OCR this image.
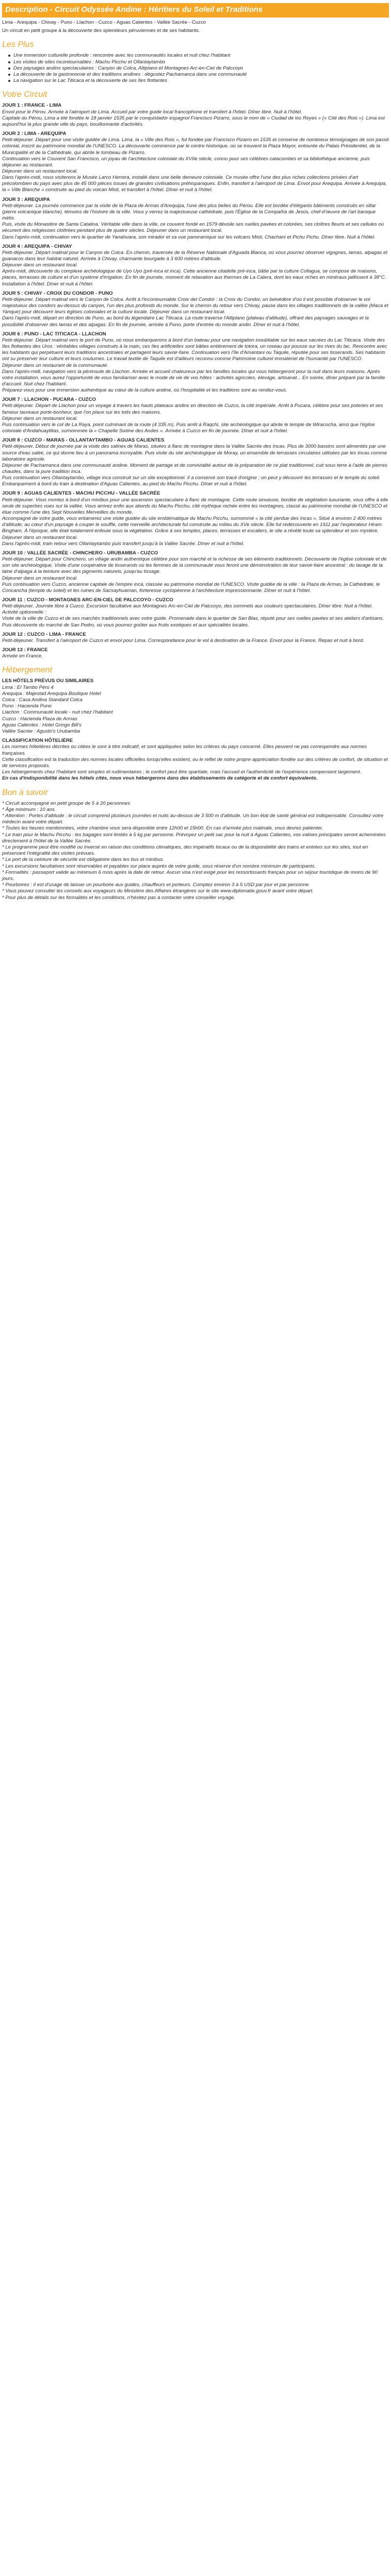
Description - Circuit Odyssée Andine : Héritiers du Soleil et Traditions

Lima - Arequipa - Chivay - Puno - Llachon - Cuzco - Aguas Calientes - Vallée Sacrée - Cuzco

Un circuit en petit groupe à la découverte des splendeurs péruviennes et de ses habitants.

Les Plus
Une immersion culturelle profonde : rencontre avec les communautés locales et nuit chez l'habitant
Les visites de sites incontournables : Machu Picchu et Ollantaytambo
Des paysages andins spectaculaires : Canyon de Colca, Altiplano et Montagnes Arc-en-Ciel de Palccoyo
La découverte de la gastronomie et des traditions andines : dégustez Pachamanca dans une communauté
La navigation sur le Lac Titicaca et la découverte de ses îles flottantes
Votre Circuit

JOUR 1 : FRANCE - LIMA

Envol pour le Pérou. Arrivée à l'aéroport de Lima. Accueil par votre guide local francophone et transfert à l'hôtel. Dîner libre. Nuit à l'hôtel.

Capitale du Pérou, Lima a été fondée le 18 janvier 1535 par le conquistador espagnol Francisco Pizarro, sous le nom de « Ciudad de los Reyes » (« Cité des Rois »). Lima est aujourd'hui la plus grande ville du pays, bouillonnante d'activités.

JOUR 2 : LIMA - AREQUIPA

Petit-déjeuner. Départ pour une visite guidée de Lima. Lima, la « Ville des Rois », fut fondée par Francisco Pizarro en 1535 et conserve de nombreux témoignages de son passé colonial, inscrit au patrimoine mondial de l'UNESCO. La découverte commence par le centre historique, où se trouvent la Plaza Mayor, entourée du Palais Présidentiel, de la Municipalité et de la Cathédrale, qui abrite le tombeau de Pizarro.

Continuation vers le Couvent San Francisco, un joyau de l'architecture coloniale du XVIIe siècle, connu pour ses célèbres catacombes et sa bibliothèque ancienne, puis déjeuner au restaurant.

Déjeuner dans un restaurant local.

Dans l'après-midi, nous visiterons le Musée Larco Herrera, installé dans une belle demeure coloniale. Ce musée offre l'une des plus riches collections privées d'art précolombien du pays avec plus de 45 000 pièces issues de grandes civilisations préhispaniques. Enfin, transfert à l'aéroport de Lima. Envol pour Arequipa. Arrivée à Arequipa, la « Ville Blanche » construite au pied du volcan Misti, et transfert à l'hôtel. Dîner et nuit à l'hôtel.

JOUR 3 : AREQUIPA

Petit-déjeuner. La journée commence par la visite de la Plaza de Armas d'Arequipa, l'une des plus belles du Pérou. Elle est bordée d'élégants bâtiments construits en sillar (pierre volcanique blanche), témoins de l'histoire de la ville. Vous y verrez la majestueuse cathédrale, puis l'Église de la Compañía de Jesús, chef-d'œuvre de l'art baroque métis.

Puis, visite du Monastère de Santa Catalina. Véritable ville dans la ville, ce couvent fondé en 1579 dévoile ses ruelles pavées et colorées, ses cloîtres fleuris et ses cellules où vécurent des religieuses cloîtrées pendant plus de quatre siècles. Déjeuner dans un restaurant local.

Dans l'après-midi, continuation vers le quartier de Yanahuara, son mirador et sa vue panoramique sur les volcans Misti, Chachani et Pichu Pichu. Dîner libre. Nuit à l'hôtel.

JOUR 4 : AREQUIPA - CHIVAY

Petit-déjeuner. Départ matinal pour le Canyon de Colca. En chemin, traversée de la Réserve Nationale d'Aguada Blanca, où vous pourrez observer vigognes, lamas, alpagas et guanacos dans leur habitat naturel. Arrivée à Chivay, charmante bourgade à 3 600 mètres d'altitude.

Déjeuner dans un restaurant local.

Après-midi, découverte du complexe archéologique de Uyo Uyo (pré-inca et inca). Cette ancienne citadelle pré-inca, bâtie par la culture Collagua, se compose de maisons, places, terrasses de culture et d'un système d'irrigation. En fin de journée, moment de relaxation aux thermes de La Calera, dont les eaux riches en minéraux jaillissent à 38°C.

Installation à l'hôtel. Dîner et nuit à l'hôtel.

JOUR 5 : CHIVAY - CROIX DU CONDOR - PUNO

Petit-déjeuner. Départ matinal vers le Canyon de Colca. Arrêt à l'incontournable Croix del Condor : la Croix du Condor, un belvédère d'où il est possible d'observer le vol majestueux des condors au-dessus du canyon, l'un des plus profonds du monde. Sur le chemin du retour vers Chivay, pause dans les villages traditionnels de la vallée (Maca et Yanque) pour découvrir leurs églises coloniales et la culture locale. Déjeuner dans un restaurant local.

Dans l'après-midi, départ en direction de Puno, au bord du légendaire Lac Titicaca. La route traverse l'Altiplano (plateau d'altitude), offrant des paysages sauvages et la possibilité d'observer des lamas et des alpagas. En fin de journée, arrivée à Puno, porte d'entrée du monde andin. Dîner et nuit à l'hôtel.

JOUR 6 : PUNO - LAC TITICACA - LLACHON

Petit-déjeuner. Départ matinal vers le port de Puno, où nous embarquerons à bord d'un bateau pour une navigation inoubliable sur les eaux sacrées du Lac Titicaca. Visite des îles flottantes des Uros : véritables villages construits à la main, ces îles artificielles sont bâties entièrement de totora, un roseau qui pousse sur les rives du lac. Rencontre avec les habitants qui perpétuent leurs traditions ancestrales et partagent leurs savoir-faire. Continuation vers l'île d'Amantani ou Taquile, réputée pour ses tisserands. Ses habitants ont su préserver leur culture et leurs coutumes. Le travail textile de Taquile est d'ailleurs reconnu comme Patrimoine culturel immatériel de l'humanité par l'UNESCO.

Déjeuner dans un restaurant de la communauté.

Dans l'après-midi, navigation vers la péninsule de Llachon. Arrivée et accueil chaleureux par les familles locales qui vous hébergeront pour la nuit dans leurs maisons. Après votre installation, vous aurez l'opportunité de vous familiariser avec le mode de vie de vos hôtes : activités agricoles, élevage, artisanat... En soirée, dîner préparé par la famille d'accueil. Nuit chez l'habitant.

Préparez-vous pour une immersion authentique au cœur de la culture andine, où l'hospitalité et les traditions sont au rendez-vous.

JOUR 7 : LLACHON - PUCARA - CUZCO

Petit-déjeuner. Départ de Llachon pour un voyage à travers les hauts plateaux andins en direction de Cuzco, la cité impériale. Arrêt à Pucara, célèbre pour ses poteries et ses fameux taureaux porte-bonheur, que l'on place sur les toits des maisons.

Déjeuner dans un restaurant local.

Puis continuation vers le col de La Raya, point culminant de la route (4 335 m). Puis arrêt à Raqchi, site archéologique qui abrite le temple de Wiracocha, ainsi que l'église coloniale d'Andahuaylillas, surnommée la « Chapelle Sixtine des Andes ». Arrivée à Cuzco en fin de journée. Dîner et nuit à l'hôtel.

JOUR 8 : CUZCO - MARAS - OLLANTAYTAMBO - AGUAS CALIENTES

Petit-déjeuner. Début de journée par la visite des salines de Maras, situées à flanc de montagne dans la Vallée Sacrée des Incas. Plus de 3000 bassins sont alimentés par une source d'eau salée, ce qui donne lieu à un panorama incroyable. Puis visite du site archéologique de Moray, un ensemble de terrasses circulaires utilisées par les Incas comme laboratoire agricole.

Déjeuner de Pachamanca dans une communauté andine. Moment de partage et de convivialité autour de la préparation de ce plat traditionnel, cuit sous terre à l'aide de pierres chaudes, dans la pure tradition inca.

Puis continuation vers Ollantaytambo, village inca construit sur un site exceptionnel. Il a conservé son tracé d'origine ; on peut y découvrir les terrasses et le temple du soleil. Embarquement à bord du train à destination d'Aguas Calientes, au pied du Machu Picchu. Dîner et nuit à l'hôtel.

JOUR 9 : AGUAS CALIENTES - MACHU PICCHU - VALLÉE SACRÉE

Petit-déjeuner. Vous montez à bord d'un minibus pour une ascension spectaculaire à flanc de montagne. Cette route sinueuse, bordée de végétation luxuriante, vous offre à elle seule de superbes vues sur la vallée. Vous arrivez enfin aux abords du Machu Picchu, cité mythique nichée entre les montagnes, classé au patrimoine mondial de l'UNESCO et élue comme l'une des Sept Nouvelles Merveilles du monde.

Accompagné de votre guide, vous entamerez une visite guidée du site emblématique du Machu Picchu, surnommé « la cité perdue des Incas ». Situé à environ 2 400 mètres d'altitude, au cœur d'un paysage à couper le souffle, cette merveille architecturale fut construite au milieu du XVe siècle. Elle fut redécouverte en 1911 par l'explorateur Hiram Bingham. À l'époque, elle était totalement enfouie sous la végétation. Grâce à ses temples, places, terrasses et escaliers, le site a révélé toute sa splendeur et son mystère.

Déjeuner dans un restaurant local.

Dans l'après-midi, train retour vers Ollantaytambo puis transfert jusqu'à la Vallée Sacrée. Dîner et nuit à l'hôtel.

JOUR 10 : VALLÉE SACRÉE - CHINCHERO - URUBAMBA - CUZCO

Petit-déjeuner. Départ pour Chinchero, un village andin authentique célèbre pour son marché et la richesse de ses éléments traditionnels. Découverte de l'église coloniale et de son site archéologique. Visite d'une coopérative de tisserands où les femmes de la communauté vous feront une démonstration de leur savoir-faire ancestral : du lavage de la laine d'alpaga à la teinture avec des pigments naturels, jusqu'au tissage.

Déjeuner dans un restaurant local.

Puis continuation vers Cuzco, ancienne capitale de l'empire inca, classée au patrimoine mondial de l'UNESCO. Visite guidée de la ville : la Plaza de Armas, la Cathédrale, le Coricancha (temple du soleil) et les ruines de Sacsayhuaman, forteresse cyclopéenne à l'architecture impressionnante. Dîner et nuit à l'hôtel.

JOUR 11 : CUZCO - MONTAGNES ARC-EN-CIEL DE PALCCOYO - CUZCO

Petit-déjeuner. Journée libre à Cuzco. Excursion facultative aux Montagnes Arc-en-Ciel de Palccoyo, des sommets aux couleurs spectaculaires. Dîner libre. Nuit à l'hôtel.

Activité optionnelle :

Visite de la ville de Cuzco et de ses marchés traditionnels avec votre guide. Promenade dans le quartier de San Blas, réputé pour ses ruelles pavées et ses ateliers d'artisans. Puis découverte du marché de San Pedro, où vous pourrez goûter aux fruits exotiques et aux spécialités locales.

JOUR 12 : CUZCO - LIMA - FRANCE

Petit-déjeuner. Transfert à l'aéroport de Cuzco et envol pour Lima. Correspondance pour le vol à destination de la France. Envol pour la France. Repas et nuit à bord.

JOUR 13 : FRANCE

Arrivée en France.

Hébergement

LES HÔTELS PRÉVUS OU SIMILAIRES

Lima : El Tambo Pérú 4

Arequipa : Majestad Arequipa Boutique Hotel

Colca : Casa Andina Standard Colca

Puno : Hacienda Puno

Llachon : Communauté locale - nuit chez l'habitant

Cuzco : Hacienda Plaza de Armas

Aguas Calientes : Hotel Gringo Bill's

Vallée Sacrée : Agusto's Urubamba

CLASSIFICATION HÔTELIÈRE

Les normes hôtelières décrites ou citées le sont à titre indicatif, et sont appliquées selon les critères du pays concerné. Elles peuvent ne pas correspondre aux normes françaises.

Cette classification est la traduction des normes locales officielles lorsqu'elles existent, ou le reflet de notre propre appréciation fondée sur des critères de confort, de situation et de services proposés.

Les hébergements chez l'habitant sont simples et rudimentaires ; le confort peut être spartiate, mais l'accueil et l'authenticité de l'expérience compensent largement.

En cas d'indisponibilité dans les hôtels cités, nous vous hébergerons dans des établissements de catégorie et de confort équivalents.

Bon à savoir

* Circuit accompagné en petit groupe de 5 à 20 personnes

* Âge minimum : 10 ans

* Attention : Portes d'altitude : le circuit comprend plusieurs journées et nuits au-dessus de 3 500 m d'altitude. Un bon état de santé général est indispensable. Consultez votre médecin avant votre départ.

* Toutes les heures mentionnées, votre chambre vous sera disponible entre 12h00 et 15h00. En cas d'arrivée plus matinale, vous devrez patienter.

* Le train pour le Machu Picchu : les bagages sont limités à 5 kg par personne. Prévoyez un petit sac pour la nuit à Aguas Calientes, vos valises principales seront acheminées directement à l'hôtel de la Vallée Sacrée.

* Le programme peut être modifié ou inversé en raison des conditions climatiques, des impératifs locaux ou de la disponibilité des trains et entrées sur les sites, tout en préservant l'intégralité des visites prévues.

* Le port de la ceinture de sécurité est obligatoire dans les bus et minibus.

* Les excursions facultatives sont réservables et payables sur place auprès de votre guide, sous réserve d'un nombre minimum de participants.

* Formalités : passeport valide au minimum 6 mois après la date de retour. Aucun visa n'est exigé pour les ressortissants français pour un séjour touristique de moins de 90 jours.

* Pourboires : il est d'usage de laisser un pourboire aux guides, chauffeurs et porteurs. Comptez environ 3 à 5 USD par jour et par personne.

* Vous pouvez consulter les conseils aux voyageurs du Ministère des Affaires étrangères sur le site www.diplomatie.gouv.fr avant votre départ.

* Pour plus de détails sur les formalités et les conditions, n'hésitez pas à contacter votre conseiller voyage.
